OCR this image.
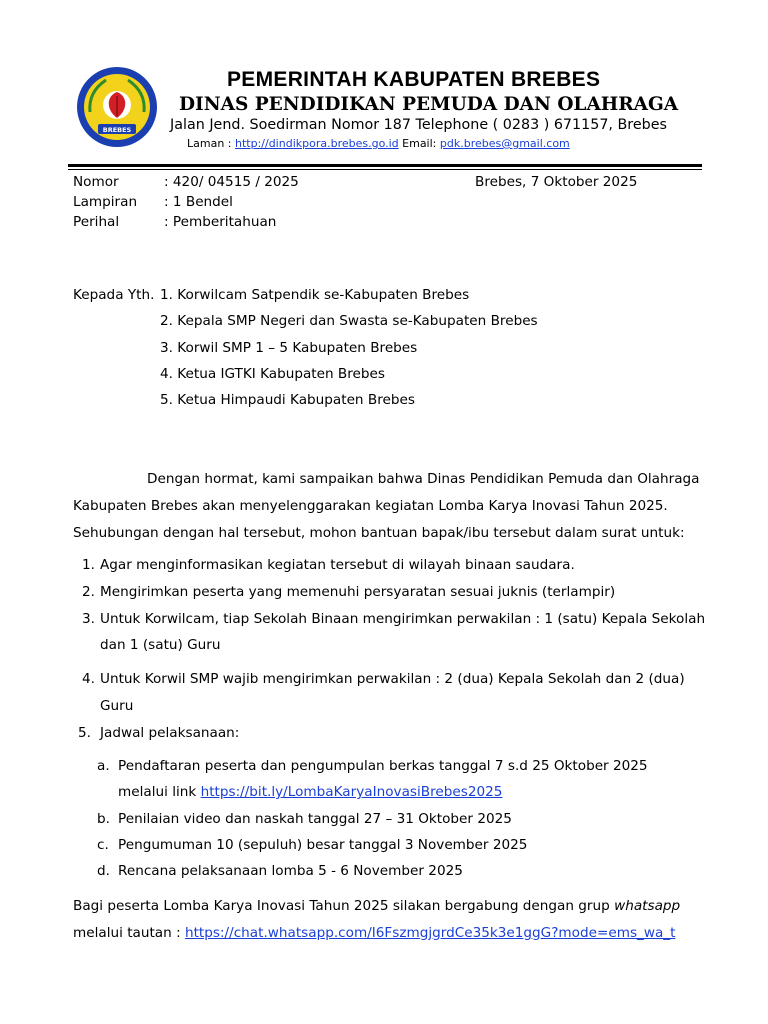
BREBES
PEMERINTAH KABUPATEN BREBES
DINAS PENDIDIKAN PEMUDA DAN OLAHRAGA
Jalan Jend. Soedirman Nomor 187 Telephone ( 0283 ) 671157, Brebes
Laman : http://dindikpora.brebes.go.id Email: pdk.brebes@gmail.com
Nomor	: 420/ 04515 / 2025	Brebes, 7 Oktober 2025
Lampiran : 1 Bendel
Perihal	: Pemberitahuan
Kepada Yth. 1. Korwilcam Satpendik se-Kabupaten Brebes
2. Kepala SMP Negeri dan Swasta se-Kabupaten Brebes
3. Korwil SMP 1 – 5 Kabupaten Brebes
4. Ketua IGTKI Kabupaten Brebes
5. Ketua Himpaudi Kabupaten Brebes
Dengan hormat, kami sampaikan bahwa Dinas Pendidikan Pemuda dan Olahraga
Kabupaten Brebes akan menyelenggarakan kegiatan Lomba Karya Inovasi Tahun 2025.
Sehubungan dengan hal tersebut, mohon bantuan bapak/ibu tersebut dalam surat untuk:
1. Agar menginformasikan kegiatan tersebut di wilayah binaan saudara.
2. Mengirimkan peserta yang memenuhi persyaratan sesuai juknis (terlampir)
3. Untuk Korwilcam, tiap Sekolah Binaan mengirimkan perwakilan : 1 (satu) Kepala Sekolah
dan 1 (satu) Guru
4. Untuk Korwil SMP wajib mengirimkan perwakilan : 2 (dua) Kepala Sekolah dan 2 (dua)
Guru
5. Jadwal pelaksanaan:
a. Pendaftaran peserta dan pengumpulan berkas tanggal 7 s.d 25 Oktober 2025
melalui link https://bit.ly/LombaKaryaInovasiBrebes2025
b. Penilaian video dan naskah tanggal 27 – 31 Oktober 2025
c. Pengumuman 10 (sepuluh) besar tanggal 3 November 2025
d. Rencana pelaksanaan lomba 5 - 6 November 2025
Bagi peserta Lomba Karya Inovasi Tahun 2025 silakan bergabung dengan grup whatsapp
melalui tautan : https://chat.whatsapp.com/I6FszmgjgrdCe35k3e1ggG?mode=ems_wa_t
